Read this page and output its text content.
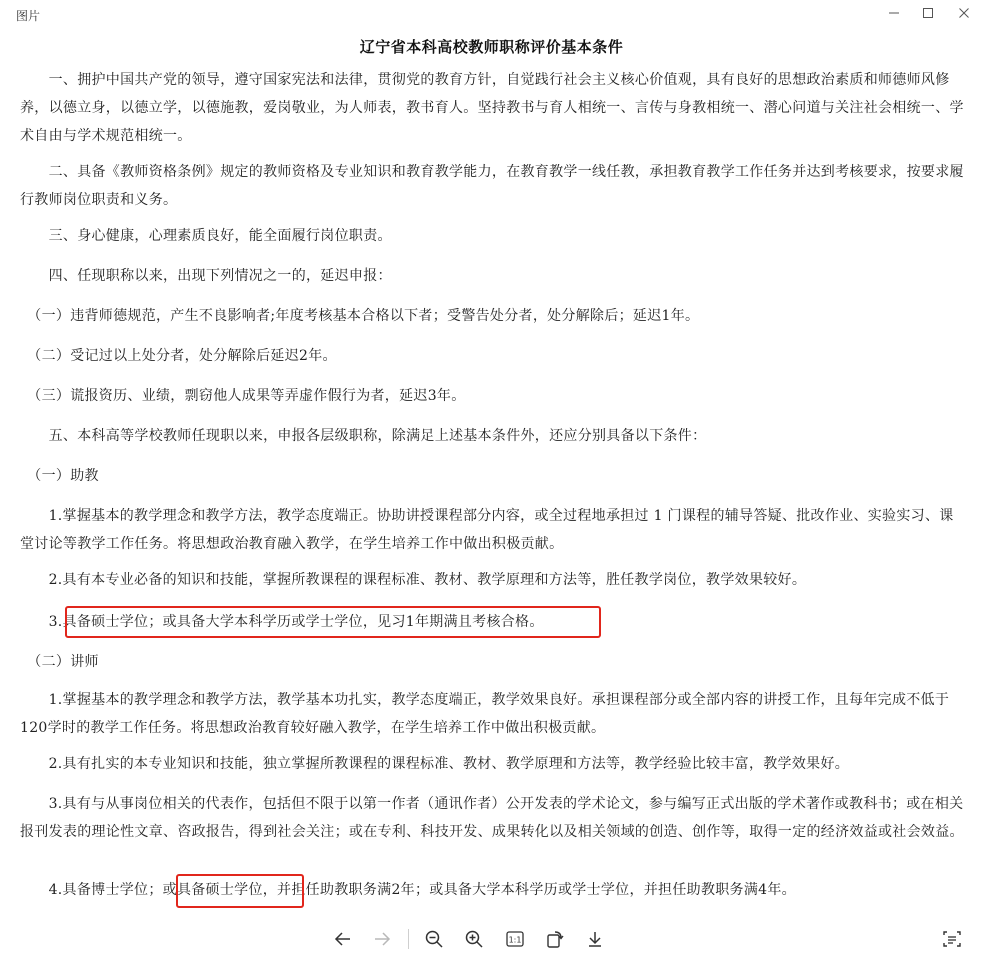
图片
辽宁省本科高校教师职称评价基本条件
　　一、拥护中国共产党的领导，遵守国家宪法和法律，贯彻党的教育方针，自觉践行社会主义核心价值观，具有良好的思想政治素质和师德师风修养，以德立身，以德立学，以德施教，爱岗敬业，为人师表，教书育人。坚持教书与育人相统一、言传与身教相统一、潜心问道与关注社会相统一、学术自由与学术规范相统一。
　　二、具备《教师资格条例》规定的教师资格及专业知识和教育教学能力，在教育教学一线任教，承担教育教学工作任务并达到考核要求，按要求履行教师岗位职责和义务。
　　三、身心健康，心理素质良好，能全面履行岗位职责。
　　四、任现职称以来，出现下列情况之一的，延迟申报：
　（一）违背师德规范，产生不良影响者;年度考核基本合格以下者；受警告处分者，处分解除后；延迟1年。
　（二）受记过以上处分者，处分解除后延迟2年。
　（三）谎报资历、业绩，剽窃他人成果等弄虚作假行为者，延迟3年。
　　五、本科高等学校教师任现职以来，申报各层级职称，除满足上述基本条件外，还应分别具备以下条件：
　（一）助教
　　1.掌握基本的教学理念和教学方法，教学态度端正。协助讲授课程部分内容，或全过程地承担过 1 门课程的辅导答疑、批改作业、实验实习、课堂讨论等教学工作任务。将思想政治教育融入教学，在学生培养工作中做出积极贡献。
　　2.具有本专业必备的知识和技能，掌握所教课程的课程标准、教材、教学原理和方法等，胜任教学岗位，教学效果较好。
　　3.具备硕士学位；或具备大学本科学历或学士学位，见习1年期满且考核合格。
　（二）讲师
　　1.掌握基本的教学理念和教学方法，教学基本功扎实，教学态度端正，教学效果良好。承担课程部分或全部内容的讲授工作，且每年完成不低于120学时的教学工作任务。将思想政治教育较好融入教学，在学生培养工作中做出积极贡献。
　　2.具有扎实的本专业知识和技能，独立掌握所教课程的课程标准、教材、教学原理和方法等，教学经验比较丰富，教学效果好。
　　3.具有与从事岗位相关的代表作，包括但不限于以第一作者（通讯作者）公开发表的学术论文，参与编写正式出版的学术著作或教科书；或在相关报刊发表的理论性文章、咨政报告，得到社会关注；或在专利、科技开发、成果转化以及相关领域的创造、创作等，取得一定的经济效益或社会效益。
　　4.具备博士学位；或具备硕士学位，并担任助教职务满2年；或具备大学本科学历或学士学位，并担任助教职务满4年。
1:1
